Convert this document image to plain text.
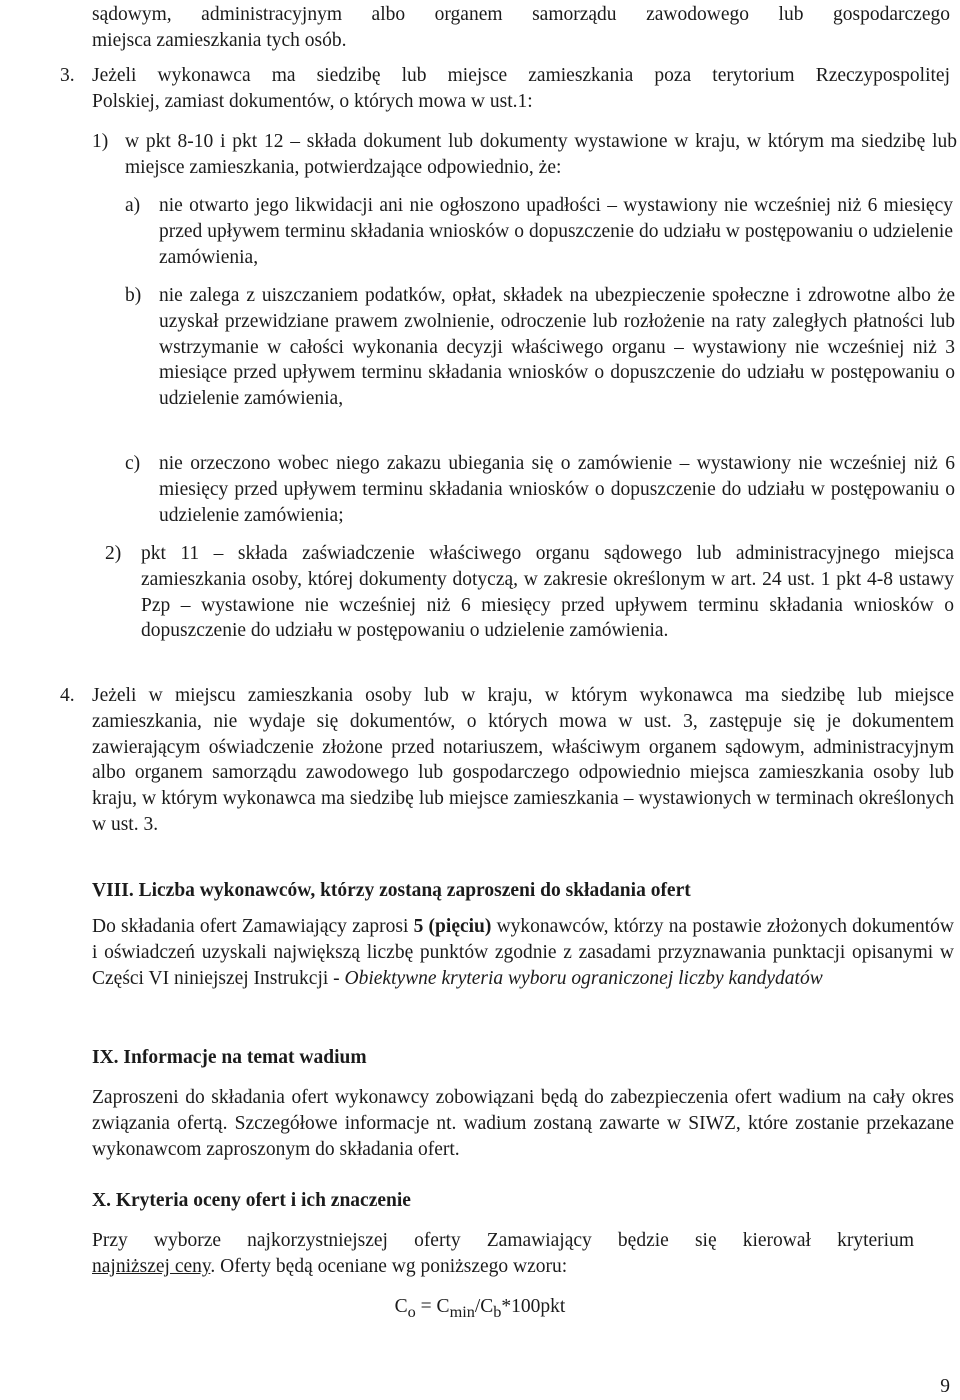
sądowym, administracyjnym albo organem samorządu zawodowego lub gospodarczego

miejsca zamieszkania tych osób.

3. Jeżeli wykonawca ma siedzibę lub miejsce zamieszkania poza terytorium Rzeczypospolitej

Polskiej, zamiast dokumentów, o których mowa w ust.1:

1) w pkt 8-10 i pkt 12 – składa dokument lub dokumenty wystawione w kraju, w którym ma siedzibę lub miejsce zamieszkania, potwierdzające odpowiednio, że:

a) nie otwarto jego likwidacji ani nie ogłoszono upadłości – wystawiony nie wcześniej niż 6 miesięcy przed upływem terminu składania wniosków o dopuszczenie do udziału w postępowaniu o udzielenie zamówienia,

b) nie zalega z uiszczaniem podatków, opłat, składek na ubezpieczenie społeczne i zdrowotne albo że uzyskał przewidziane prawem zwolnienie, odroczenie lub rozłożenie na raty zaległych płatności lub wstrzymanie w całości wykonania decyzji właściwego organu – wystawiony nie wcześniej niż 3 miesiące przed upływem terminu składania wniosków o dopuszczenie do udziału w postępowaniu o udzielenie zamówienia,

c) nie orzeczono wobec niego zakazu ubiegania się o zamówienie – wystawiony nie wcześniej niż 6 miesięcy przed upływem terminu składania wniosków o dopuszczenie do udziału w postępowaniu o udzielenie zamówienia;

2) pkt 11 – składa zaświadczenie właściwego organu sądowego lub administracyjnego miejsca zamieszkania osoby, której dokumenty dotyczą, w zakresie określonym w art. 24 ust. 1 pkt 4-8 ustawy Pzp – wystawione nie wcześniej niż 6 miesięcy przed upływem terminu składania wniosków o dopuszczenie do udziału w postępowaniu o udzielenie zamówienia.

4. Jeżeli w miejscu zamieszkania osoby lub w kraju, w którym wykonawca ma siedzibę lub miejsce zamieszkania, nie wydaje się dokumentów, o których mowa w ust. 3, zastępuje się je dokumentem zawierającym oświadczenie złożone przed notariuszem, właściwym organem sądowym, administracyjnym albo organem samorządu zawodowego lub gospodarczego odpowiednio miejsca zamieszkania osoby lub kraju, w którym wykonawca ma siedzibę lub miejsce zamieszkania – wystawionych w terminach określonych w ust. 3.

VIII. Liczba wykonawców, którzy zostaną zaproszeni do składania ofert

Do składania ofert Zamawiający zaprosi 5 (pięciu) wykonawców, którzy na postawie złożonych dokumentów i oświadczeń uzyskali największą liczbę punktów zgodnie z zasadami przyznawania punktacji opisanymi w Części VI niniejszej Instrukcji - Obiektywne kryteria wyboru ograniczonej liczby kandydatów

IX. Informacje na temat wadium

Zaproszeni do składania ofert wykonawcy zobowiązani będą do zabezpieczenia ofert wadium na cały okres związania ofertą. Szczegółowe informacje nt. wadium zostaną zawarte w SIWZ, które zostanie przekazane wykonawcom zaproszonym do składania ofert.

X. Kryteria oceny ofert i ich znaczenie

Przy wyborze najkorzystniejszej oferty Zamawiający będzie się kierował kryterium

najniższej ceny. Oferty będą oceniane wg poniższego wzoru:

$C_o = C_{min}/C_b*100pkt$
9
